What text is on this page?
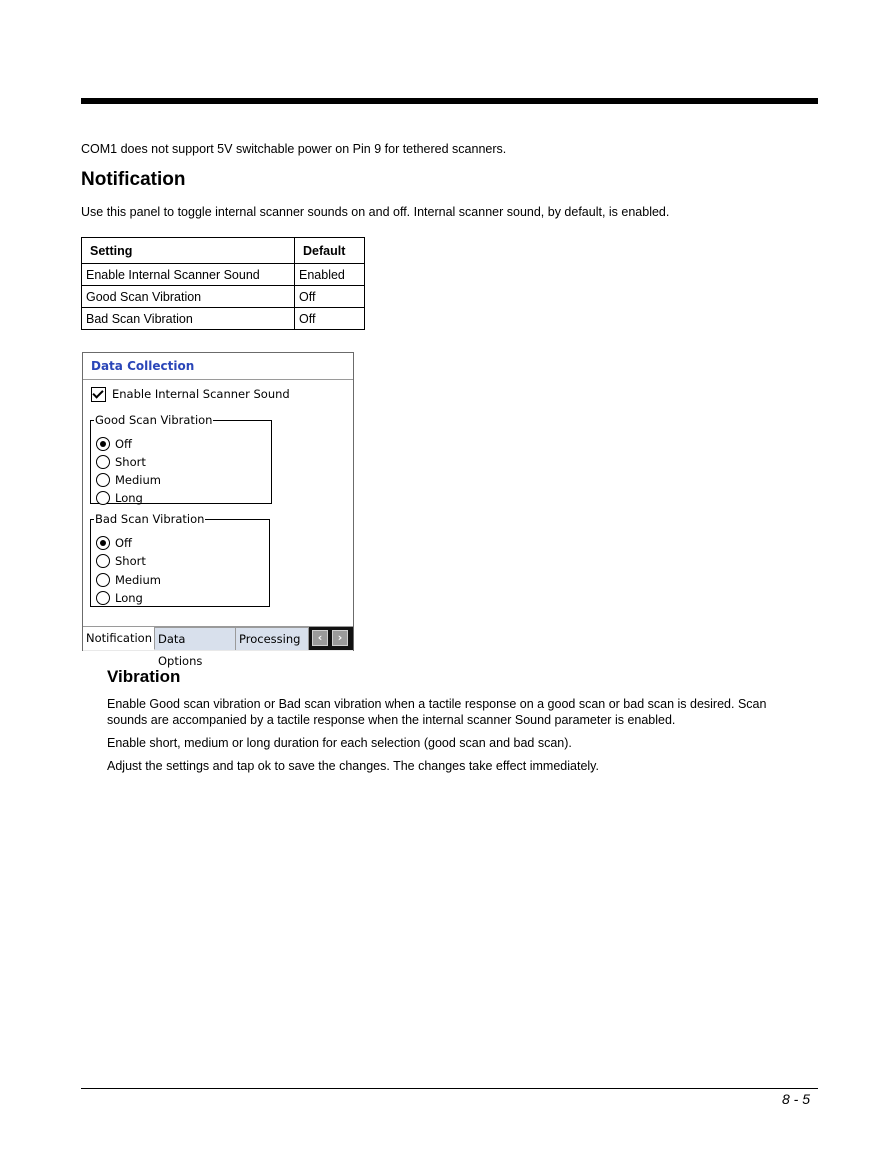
COM1 does not support 5V switchable power on Pin 9 for tethered scanners.
Notification
Use this panel to toggle internal scanner sounds on and off. Internal scanner sound, by default, is enabled.
Setting	Default
Enable Internal Scanner Sound	Enabled
Good Scan Vibration	Off
Bad Scan Vibration	Off
Data Collection
Enable Internal Scanner Sound
Good Scan Vibration
Off
Short
Medium
Long
Bad Scan Vibration
Off
Short
Medium
Long
Notification Data Options
Processing	‹	›
Vibration
Enable Good scan vibration or Bad scan vibration when a tactile response on a good scan or bad scan is desired. Scan sounds are accompanied by a tactile response when the internal scanner Sound parameter is enabled.
Enable short, medium or long duration for each selection (good scan and bad scan).
Adjust the settings and tap ok to save the changes. The changes take effect immediately.
8 - 5
